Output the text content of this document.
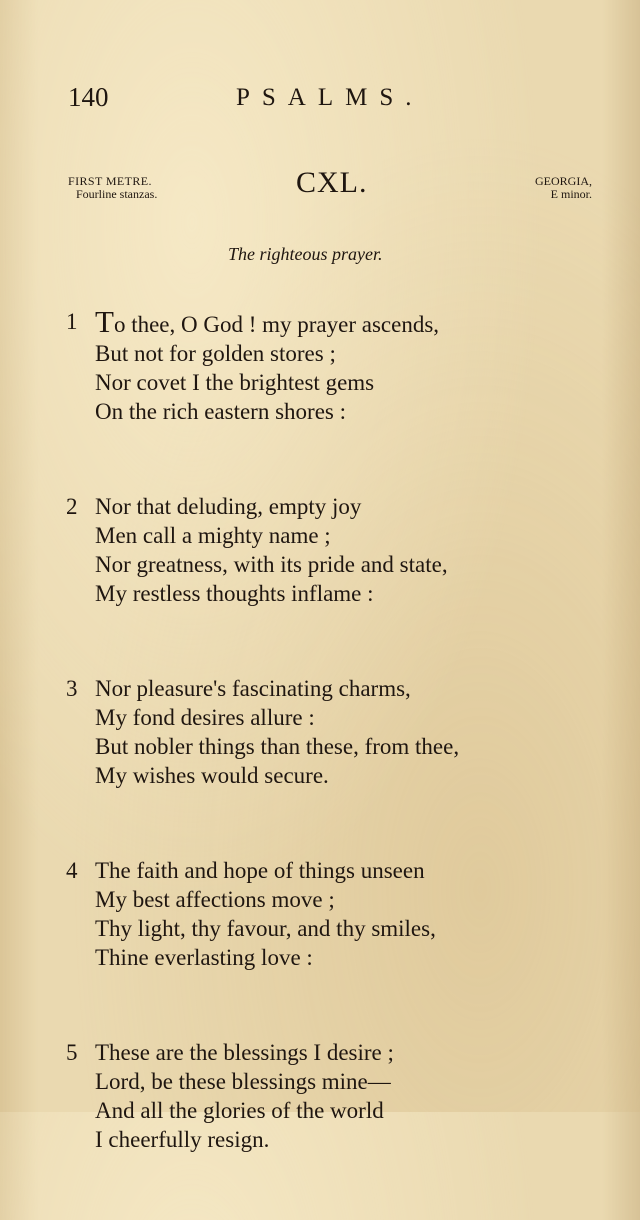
140	PSALMS.
FIRST METRE.
Fourline stanzas.	CXL.	GEORGIA,
E minor.
The righteous prayer.
1 To thee, O God ! my prayer ascends,
But not for golden stores ;
Nor covet I the brightest gems
On the rich eastern shores :
2 Nor that deluding, empty joy
Men call a mighty name ;
Nor greatness, with its pride and state,
My restless thoughts inflame :
3 Nor pleasure's fascinating charms,
My fond desires allure :
But nobler things than these, from thee,
My wishes would secure.
4 The faith and hope of things unseen
My best affections move ;
Thy light, thy favour, and thy smiles,
Thine everlasting love :
5 These are the blessings I desire ;
Lord, be these blessings mine—
And all the glories of the world
I cheerfully resign.
